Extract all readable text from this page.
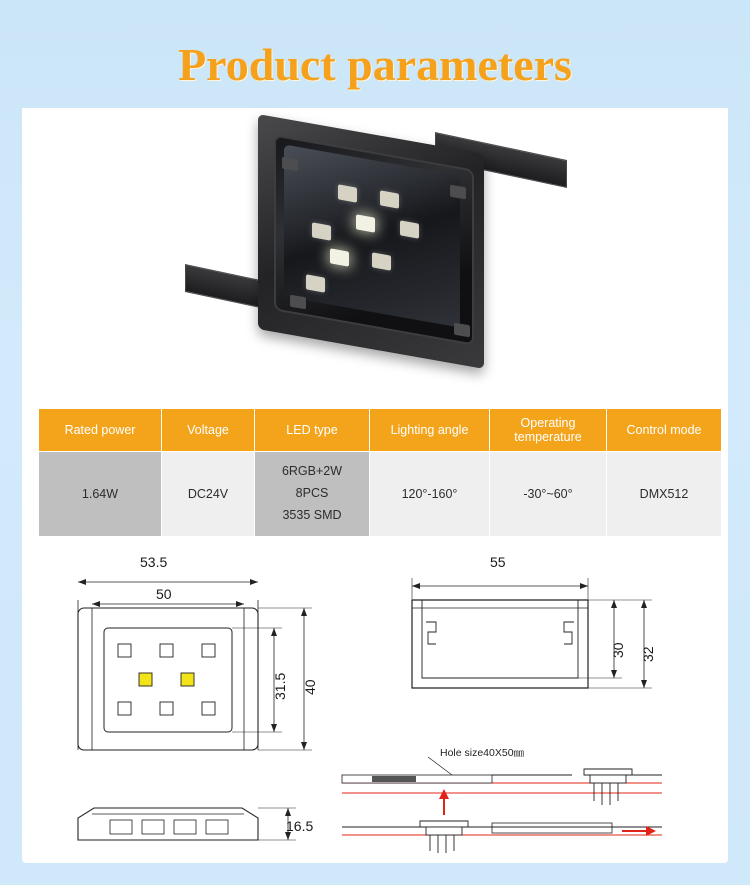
Product parameters
Rated power	Voltage	LED type	Lighting angle	Operating temperature	Control mode
1.64W	DC24V	6RGB+2W
8PCS
3535 SMD	120°-160°	-30°~60°	DMX512
53.5
50
31.5 40
16.5
55
30 32
Hole size40X50㎜
